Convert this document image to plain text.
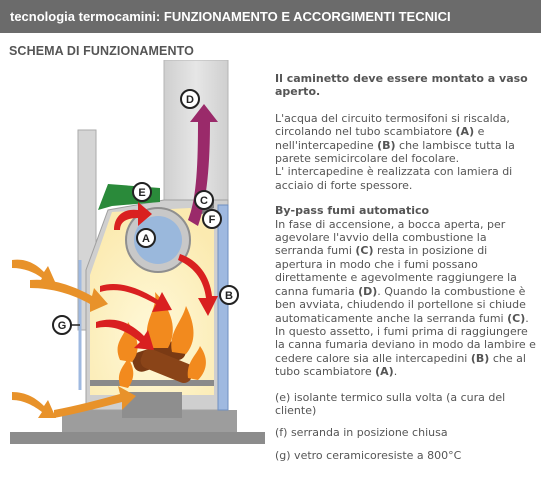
tecnologia termocamini: FUNZIONAMENTO E ACCORGIMENTI TECNICI
SCHEMA DI FUNZIONAMENTO
D
E
C
F
A
B
G
Il caminetto deve essere montato a vaso aperto.
L'acqua del circuito termosifoni si riscalda, circolando nel tubo scambiatore (A) e nell'intercapedine (B) che lambisce tutta la parete semicircolare del focolare.
L' intercapedine è realizzata con lamiera di acciaio di forte spessore.
By-pass fumi automatico
In fase di accensione, a bocca aperta, per agevolare l'avvio della combustione la serranda fumi (C) resta in posizione di apertura in modo che i fumi possano direttamente e agevolmente raggiungere la canna fumaria (D). Quando la combustione è ben avviata, chiudendo il portellone si chiude automaticamente anche la serranda fumi (C). In questo assetto, i fumi prima di raggiungere la canna fumaria deviano in modo da lambire e cedere calore sia alle intercapedini (B) che al tubo scambiatore (A).
(e) isolante termico sulla volta (a cura del cliente)
(f) serranda in posizione chiusa
(g) vetro ceramicoresiste a 800°C
